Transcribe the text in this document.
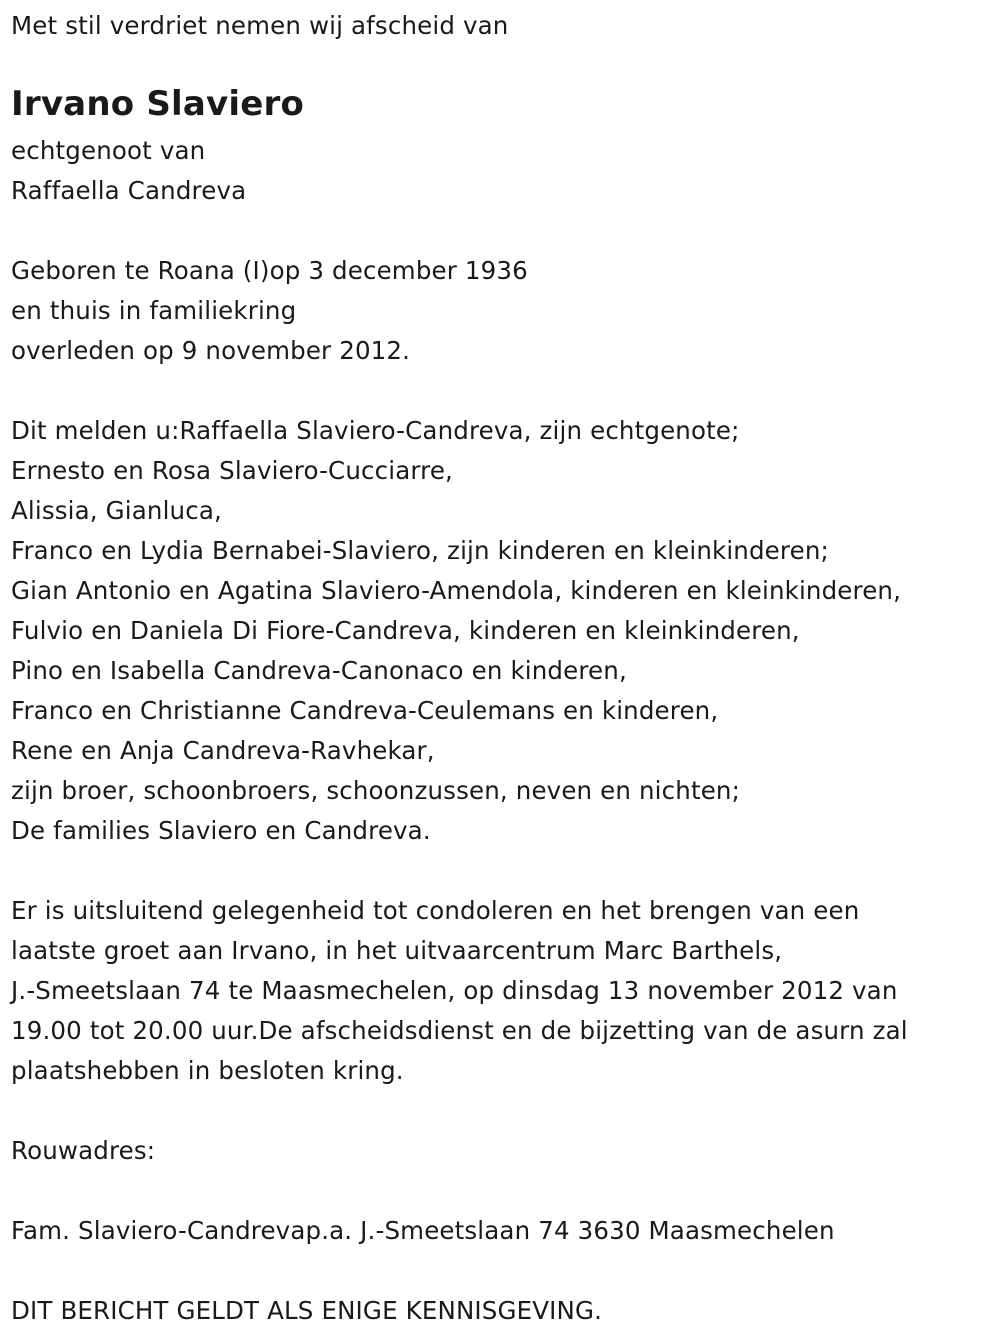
Met stil verdriet nemen wij afscheid van
Irvano Slaviero
echtgenoot van
Raffaella Candreva
Geboren te Roana (I)op 3 december 1936
en thuis in familiekring
overleden op 9 november 2012.
Dit melden u:Raffaella Slaviero-Candreva, zijn echtgenote;
Ernesto en Rosa Slaviero-Cucciarre,
Alissia, Gianluca,
Franco en Lydia Bernabei-Slaviero, zijn kinderen en kleinkinderen;
Gian Antonio en Agatina Slaviero-Amendola, kinderen en kleinkinderen,
Fulvio en Daniela Di Fiore-Candreva, kinderen en kleinkinderen,
Pino en Isabella Candreva-Canonaco en kinderen,
Franco en Christianne Candreva-Ceulemans en kinderen,
Rene en Anja Candreva-Ravhekar,
zijn broer, schoonbroers, schoonzussen, neven en nichten;
De families Slaviero en Candreva.
Er is uitsluitend gelegenheid tot condoleren en het brengen van een
laatste groet aan Irvano, in het uitvaarcentrum Marc Barthels,
J.-Smeetslaan 74 te Maasmechelen, op dinsdag 13 november 2012 van
19.00 tot 20.00 uur.De afscheidsdienst en de bijzetting van de asurn zal
plaatshebben in besloten kring.
Rouwadres:
Fam. Slaviero-Candrevap.a. J.-Smeetslaan 74 3630 Maasmechelen
DIT BERICHT GELDT ALS ENIGE KENNISGEVING.
